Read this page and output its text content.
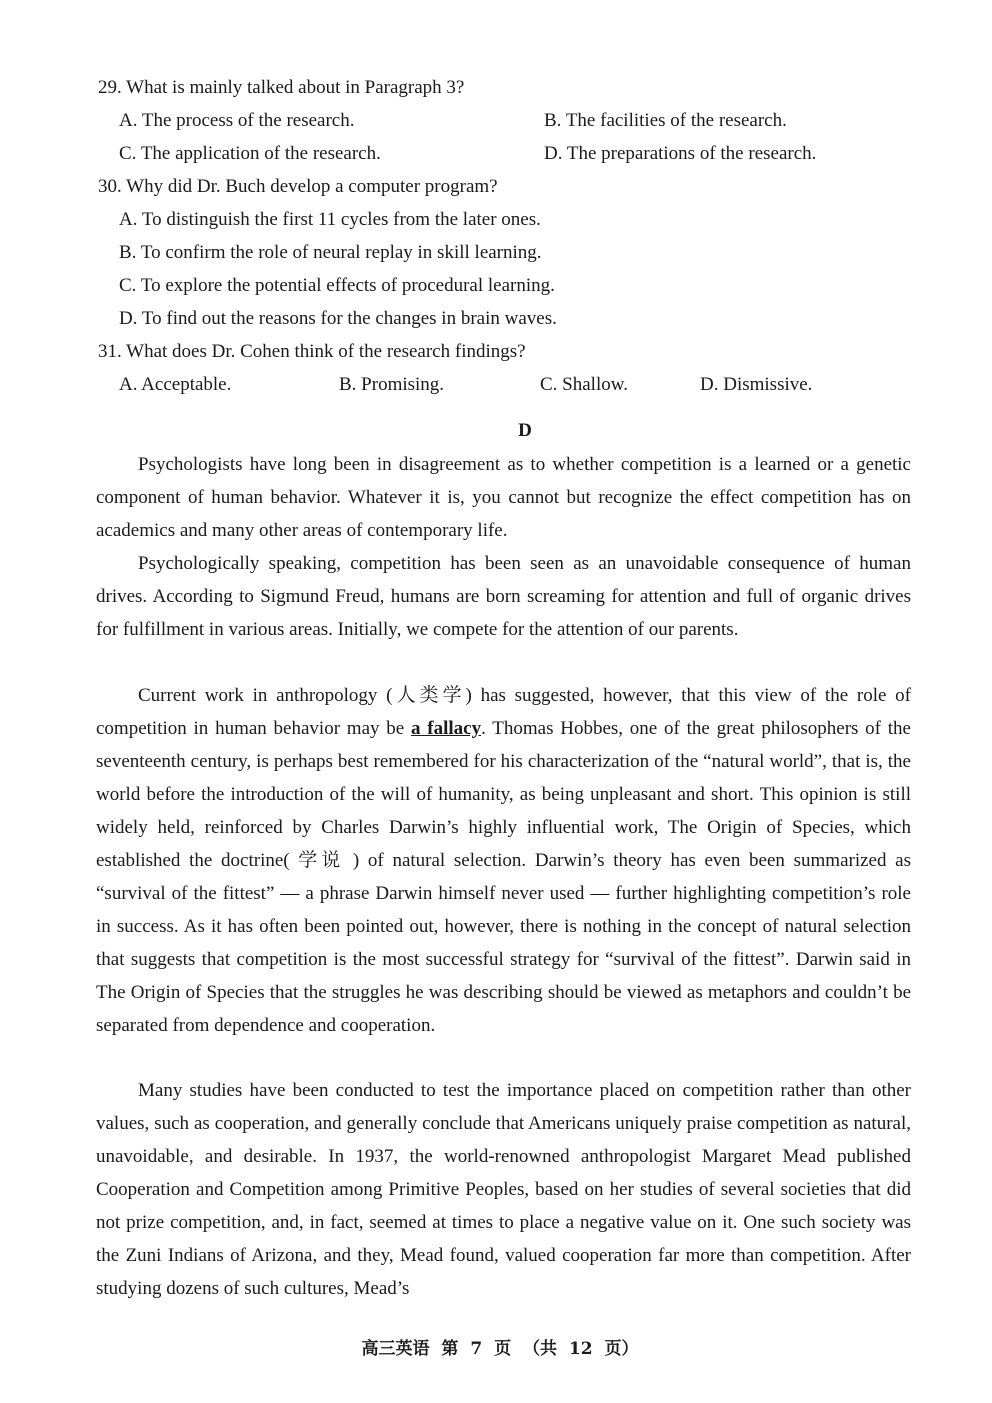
29. What is mainly talked about in Paragraph 3?
A. The process of the research.	B. The facilities of the research.
C. The application of the research.	D. The preparations of the research.
30. Why did Dr. Buch develop a computer program?
A. To distinguish the first 11 cycles from the later ones.
B. To confirm the role of neural replay in skill learning.
C. To explore the potential effects of procedural learning.
D. To find out the reasons for the changes in brain waves.
31. What does Dr. Cohen think of the research findings?
A. Acceptable.	B. Promising.	C. Shallow.	D. Dismissive.
D

Psychologists have long been in disagreement as to whether competition is a learned or a genetic component of human behavior. Whatever it is, you cannot but recognize the effect competition has on academics and many other areas of contemporary life.

Psychologically speaking, competition has been seen as an unavoidable consequence of human drives. According to Sigmund Freud, humans are born screaming for attention and full of organic drives for fulfillment in various areas. Initially, we compete for the attention of our parents.

Current work in anthropology (人类学) has suggested, however, that this view of the role of competition in human behavior may be a fallacy. Thomas Hobbes, one of the great philosophers of the seventeenth century, is perhaps best remembered for his characterization of the “natural world”, that is, the world before the introduction of the will of humanity, as being unpleasant and short. This opinion is still widely held, reinforced by Charles Darwin’s highly influential work, The Origin of Species, which established the doctrine( 学说 ) of natural selection. Darwin’s theory has even been summarized as “survival of the fittest” — a phrase Darwin himself never used — further highlighting competition’s role in success. As it has often been pointed out, however, there is nothing in the concept of natural selection that suggests that competition is the most successful strategy for “survival of the fittest”. Darwin said in The Origin of Species that the struggles he was describing should be viewed as metaphors and couldn’t be separated from dependence and cooperation.

Many studies have been conducted to test the importance placed on competition rather than other values, such as cooperation, and generally conclude that Americans uniquely praise competition as natural, unavoidable, and desirable. In 1937, the world-renowned anthropologist Margaret Mead published Cooperation and Competition among Primitive Peoples, based on her studies of several societies that did not prize competition, and, in fact, seemed at times to place a negative value on it. One such society was the Zuni Indians of Arizona, and they, Mead found, valued cooperation far more than competition. After studying dozens of such cultures, Mead’s

高三英语 第 7 页 （共 12 页）
